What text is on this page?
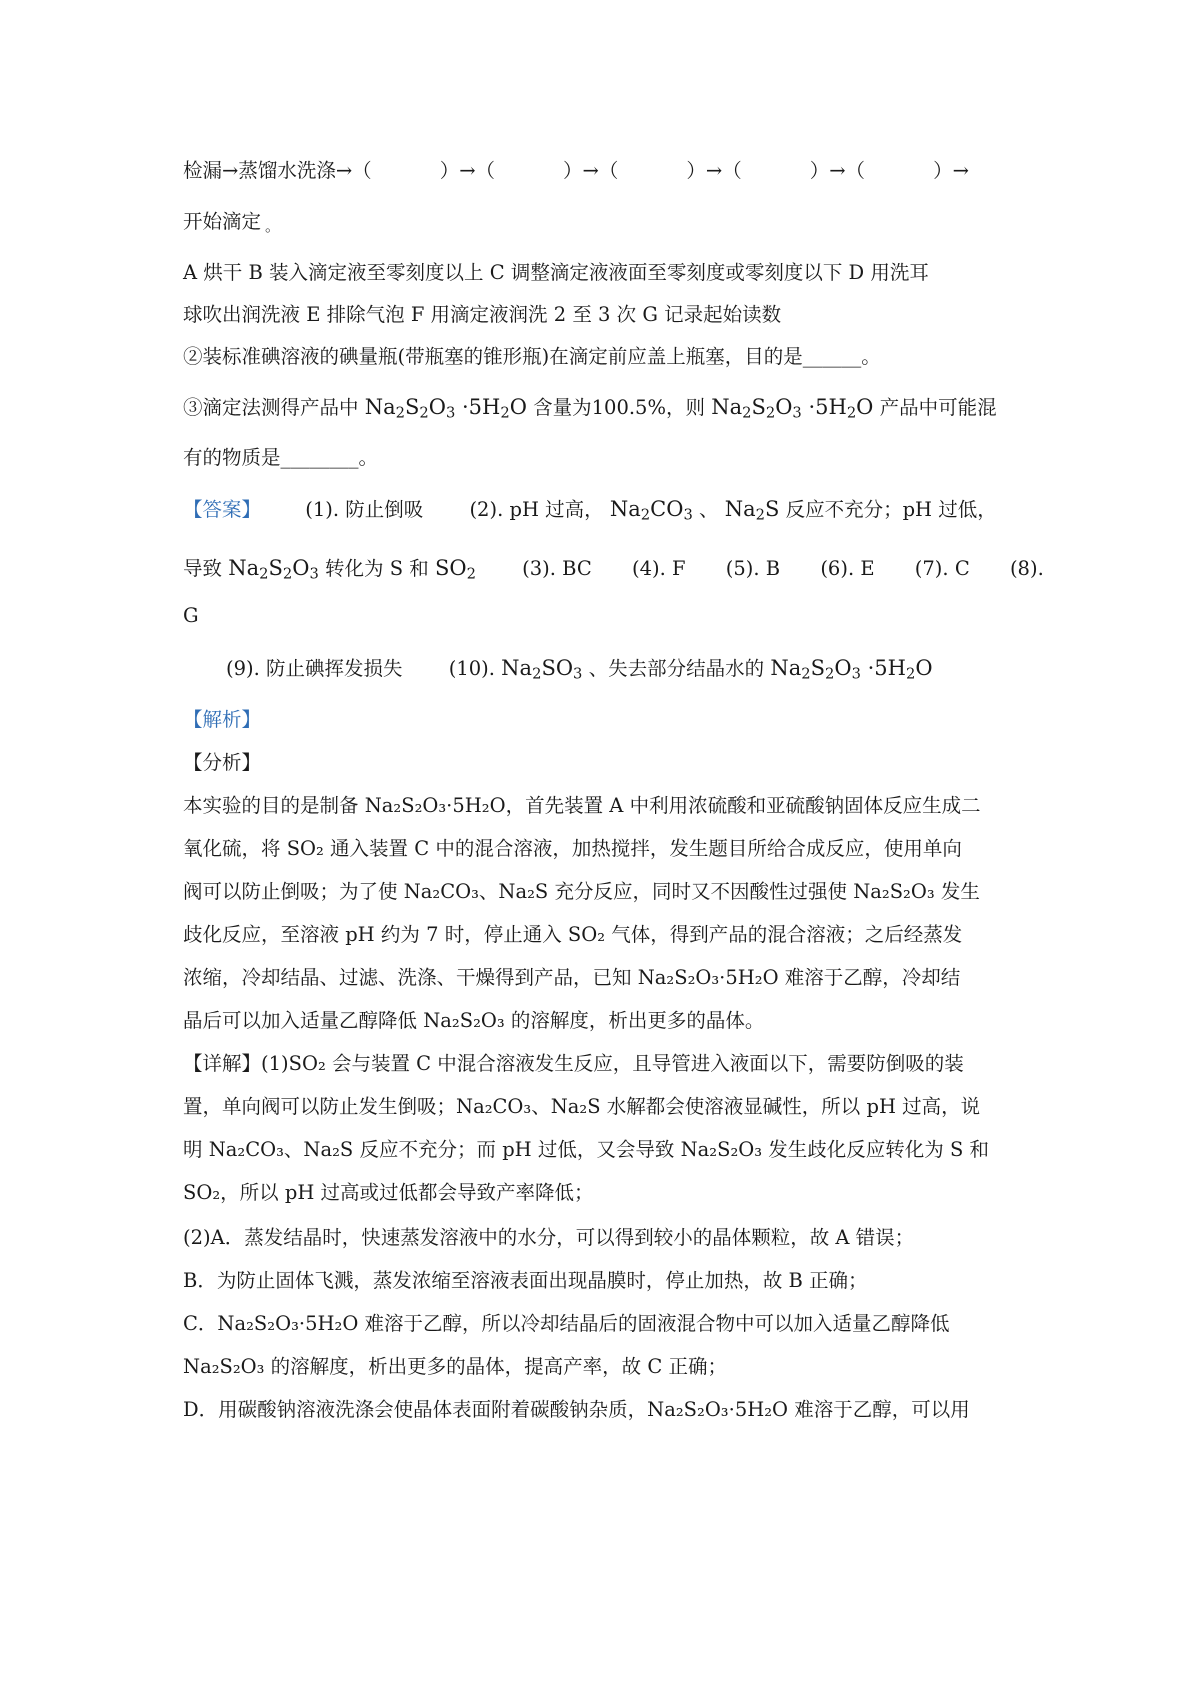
检漏→蒸馏水洗涤→（	）→（	）→（	）→（	）→（	）→
开始滴定 。
A 烘干 B 装入滴定液至零刻度以上 C 调整滴定液液面至零刻度或零刻度以下 D 用洗耳
球吹出润洗液 E 排除气泡 F 用滴定液润洗 2 至 3 次 G 记录起始读数
②装标准碘溶液的碘量瓶(带瓶塞的锥形瓶)在滴定前应盖上瓶塞，目的是______。
③滴定法测得产品中 $Na_2S_2O_3 \cdot 5H_2O$ 含量为100.5%，则 $Na_2S_2O_3 \cdot 5H_2O$ 产品中可能混
有的物质是________。
【答案】 (1). 防止倒吸 (2). pH 过高， $Na_2CO_3$ 、 $Na_2S$ 反应不充分；pH 过低，
导致 $Na_2S_2O_3$ 转化为 S 和 $SO_2$ (3). BC (4). F (5). B (6). E (7). C (8).
G
(9). 防止碘挥发损失 (10). $Na_2SO_3$ 、失去部分结晶水的 $Na_2S_2O_3 \cdot 5H_2O$
【解析】
【分析】
本实验的目的是制备 Na₂S₂O₃·5H₂O，首先装置 A 中利用浓硫酸和亚硫酸钠固体反应生成二
氧化硫，将 SO₂ 通入装置 C 中的混合溶液，加热搅拌，发生题目所给合成反应，使用单向
阀可以防止倒吸；为了使 Na₂CO₃、Na₂S 充分反应，同时又不因酸性过强使 Na₂S₂O₃ 发生
歧化反应，至溶液 pH 约为 7 时，停止通入 SO₂ 气体，得到产品的混合溶液；之后经蒸发
浓缩，冷却结晶、过滤、洗涤、干燥得到产品，已知 Na₂S₂O₃·5H₂O 难溶于乙醇，冷却结
晶后可以加入适量乙醇降低 Na₂S₂O₃ 的溶解度，析出更多的晶体。
【详解】(1)SO₂ 会与装置 C 中混合溶液发生反应，且导管进入液面以下，需要防倒吸的装
置，单向阀可以防止发生倒吸；Na₂CO₃、Na₂S 水解都会使溶液显碱性，所以 pH 过高，说
明 Na₂CO₃、Na₂S 反应不充分；而 pH 过低，又会导致 Na₂S₂O₃ 发生歧化反应转化为 S 和
SO₂，所以 pH 过高或过低都会导致产率降低；
(2)A．蒸发结晶时，快速蒸发溶液中的水分，可以得到较小的晶体颗粒，故 A 错误；
B．为防止固体飞溅，蒸发浓缩至溶液表面出现晶膜时，停止加热，故 B 正确；
C．Na₂S₂O₃·5H₂O 难溶于乙醇，所以冷却结晶后的固液混合物中可以加入适量乙醇降低
Na₂S₂O₃ 的溶解度，析出更多的晶体，提高产率，故 C 正确；
D．用碳酸钠溶液洗涤会使晶体表面附着碳酸钠杂质，Na₂S₂O₃·5H₂O 难溶于乙醇，可以用
